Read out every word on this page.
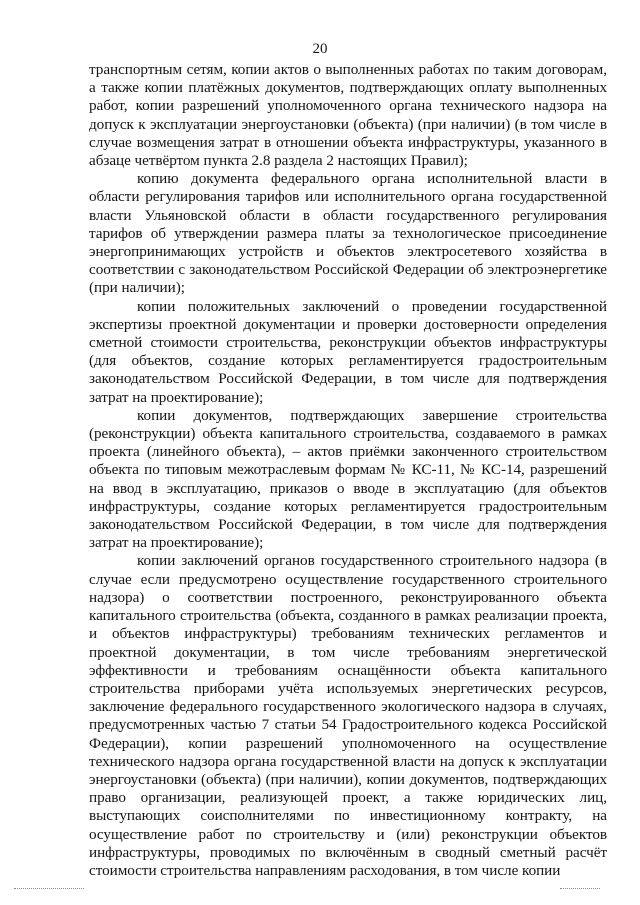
20

транспортным сетям, копии актов о выполненных работах по таким договорам, а также копии платёжных документов, подтверждающих оплату выполненных работ, копии разрешений уполномоченного органа технического надзора на допуск к эксплуатации энергоустановки (объекта) (при наличии) (в том числе в случае возмещения затрат в отношении объекта инфраструктуры, указанного в абзаце четвёртом пункта 2.8 раздела 2 настоящих Правил);

копию документа федерального органа исполнительной власти в области регулирования тарифов или исполнительного органа государственной власти Ульяновской области в области государственного регулирования тарифов об утверждении размера платы за технологическое присоединение энергопринимающих устройств и объектов электросетевого хозяйства в соответствии с законодательством Российской Федерации об электроэнергетике (при наличии);

копии положительных заключений о проведении государственной экспертизы проектной документации и проверки достоверности определения сметной стоимости строительства, реконструкции объектов инфраструктуры (для объектов, создание которых регламентируется градостроительным законодательством Российской Федерации, в том числе для подтверждения затрат на проектирование);

копии документов, подтверждающих завершение строительства (реконструкции) объекта капитального строительства, создаваемого в рамках проекта (линейного объекта), – актов приёмки законченного строительством объекта по типовым межотраслевым формам № КС-11, № КС-14, разрешений на ввод в эксплуатацию, приказов о вводе в эксплуатацию (для объектов инфраструктуры, создание которых регламентируется градостроительным законодательством Российской Федерации, в том числе для подтверждения затрат на проектирование);

копии заключений органов государственного строительного надзора (в случае если предусмотрено осуществление государственного строительного надзора) о соответствии построенного, реконструированного объекта капитального строительства (объекта, созданного в рамках реализации проекта, и объектов инфраструктуры) требованиям технических регламентов и проектной документации, в том числе требованиям энергетической эффективности и требованиям оснащённости объекта капитального строительства приборами учёта используемых энергетических ресурсов, заключение федерального государственного экологического надзора в случаях, предусмотренных частью 7 статьи 54 Градостроительного кодекса Российской Федерации), копии разрешений уполномоченного на осуществление технического надзора органа государственной власти на допуск к эксплуатации энергоустановки (объекта) (при наличии), копии документов, подтверждающих право организации, реализующей проект, а также юридических лиц, выступающих соисполнителями по инвестиционному контракту, на осуществление работ по строительству и (или) реконструкции объектов инфраструктуры, проводимых по включённым в сводный сметный расчёт стоимости строительства направлениям расходования, в том числе копии
